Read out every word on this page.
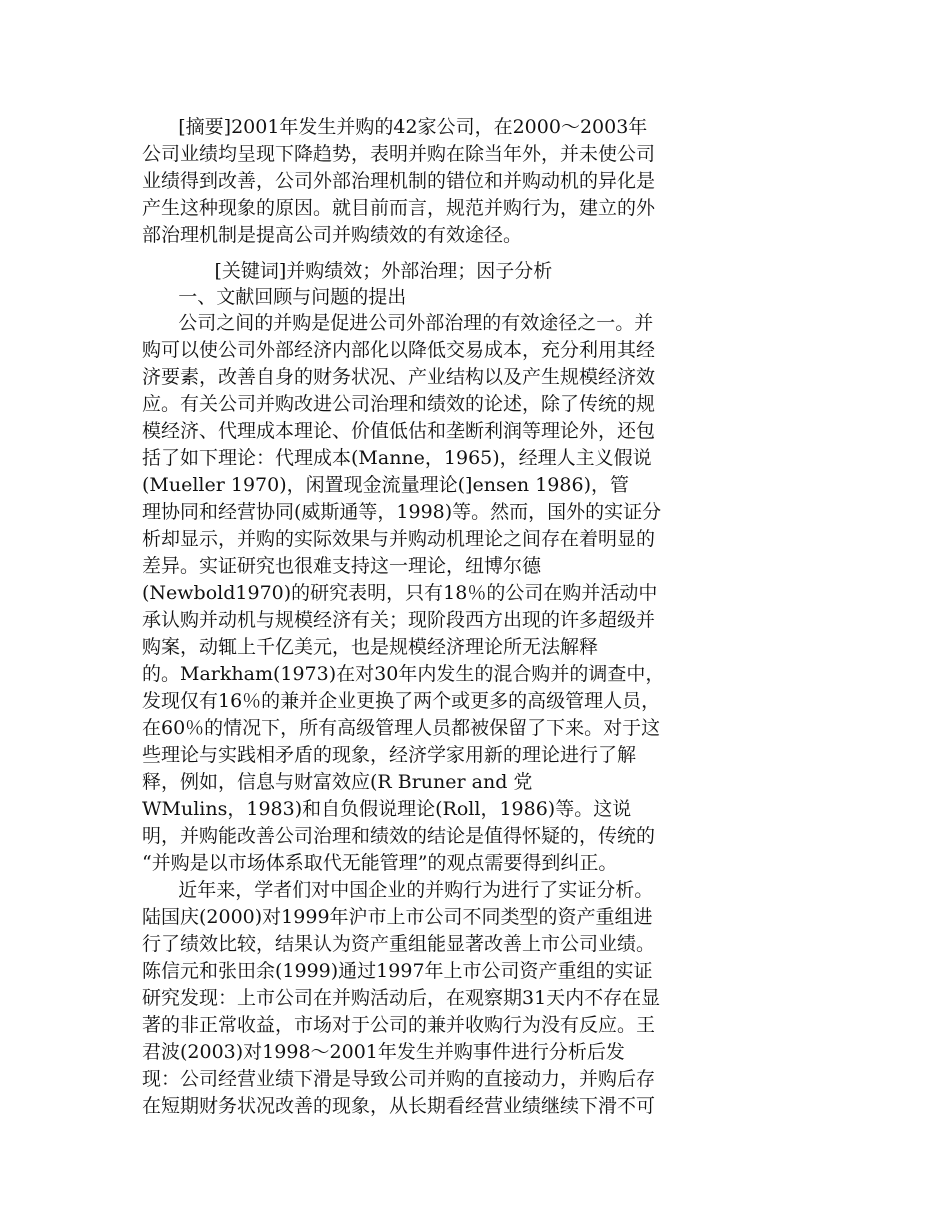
[摘要]2001年发生并购的42家公司，在2000～2003年
公司业绩均呈现下降趋势，表明并购在除当年外，并未使公司
业绩得到改善，公司外部治理机制的错位和并购动机的异化是
产生这种现象的原因。就目前而言，规范并购行为，建立的外
部治理机制是提高公司并购绩效的有效途径。
[关键词]并购绩效；外部治理；因子分析
一、文献回顾与问题的提出
公司之间的并购是促进公司外部治理的有效途径之一。并
购可以使公司外部经济内部化以降低交易成本，充分利用其经
济要素，改善自身的财务状况、产业结构以及产生规模经济效
应。有关公司并购改进公司治理和绩效的论述，除了传统的规
模经济、代理成本理论、价值低估和垄断利润等理论外，还包
括了如下理论：代理成本(Manne，1965)，经理人主义假说
(Mueller 1970)，闲置现金流量理论(]ensen 1986)，管
理协同和经营协同(威斯通等，1998)等。然而，国外的实证分
析却显示，并购的实际效果与并购动机理论之间存在着明显的
差异。实证研究也很难支持这一理论，纽博尔德
(Newbold1970)的研究表明，只有18％的公司在购并活动中
承认购并动机与规模经济有关；现阶段西方出现的许多超级并
购案，动辄上千亿美元，也是规模经济理论所无法解释
的。Markham(1973)在对30年内发生的混合购并的调查中，
发现仅有16％的兼并企业更换了两个或更多的高级管理人员，
在60％的情况下，所有高级管理人员都被保留了下来。对于这
些理论与实践相矛盾的现象，经济学家用新的理论进行了解
释，例如，信息与财富效应(R Bruner and 党
WMulins，1983)和自负假说理论(Roll，1986)等。这说
明，并购能改善公司治理和绩效的结论是值得怀疑的，传统的
“并购是以市场体系取代无能管理”的观点需要得到纠正。
近年来，学者们对中国企业的并购行为进行了实证分析。
陆国庆(2000)对1999年沪市上市公司不同类型的资产重组进
行了绩效比较，结果认为资产重组能显著改善上市公司业绩。
陈信元和张田余(1999)通过1997年上市公司资产重组的实证
研究发现：上市公司在并购活动后，在观察期31天内不存在显
著的非正常收益，市场对于公司的兼并收购行为没有反应。王
君波(2003)对1998～2001年发生并购事件进行分析后发
现：公司经营业绩下滑是导致公司并购的直接动力，并购后存
在短期财务状况改善的现象，从长期看经营业绩继续下滑不可
